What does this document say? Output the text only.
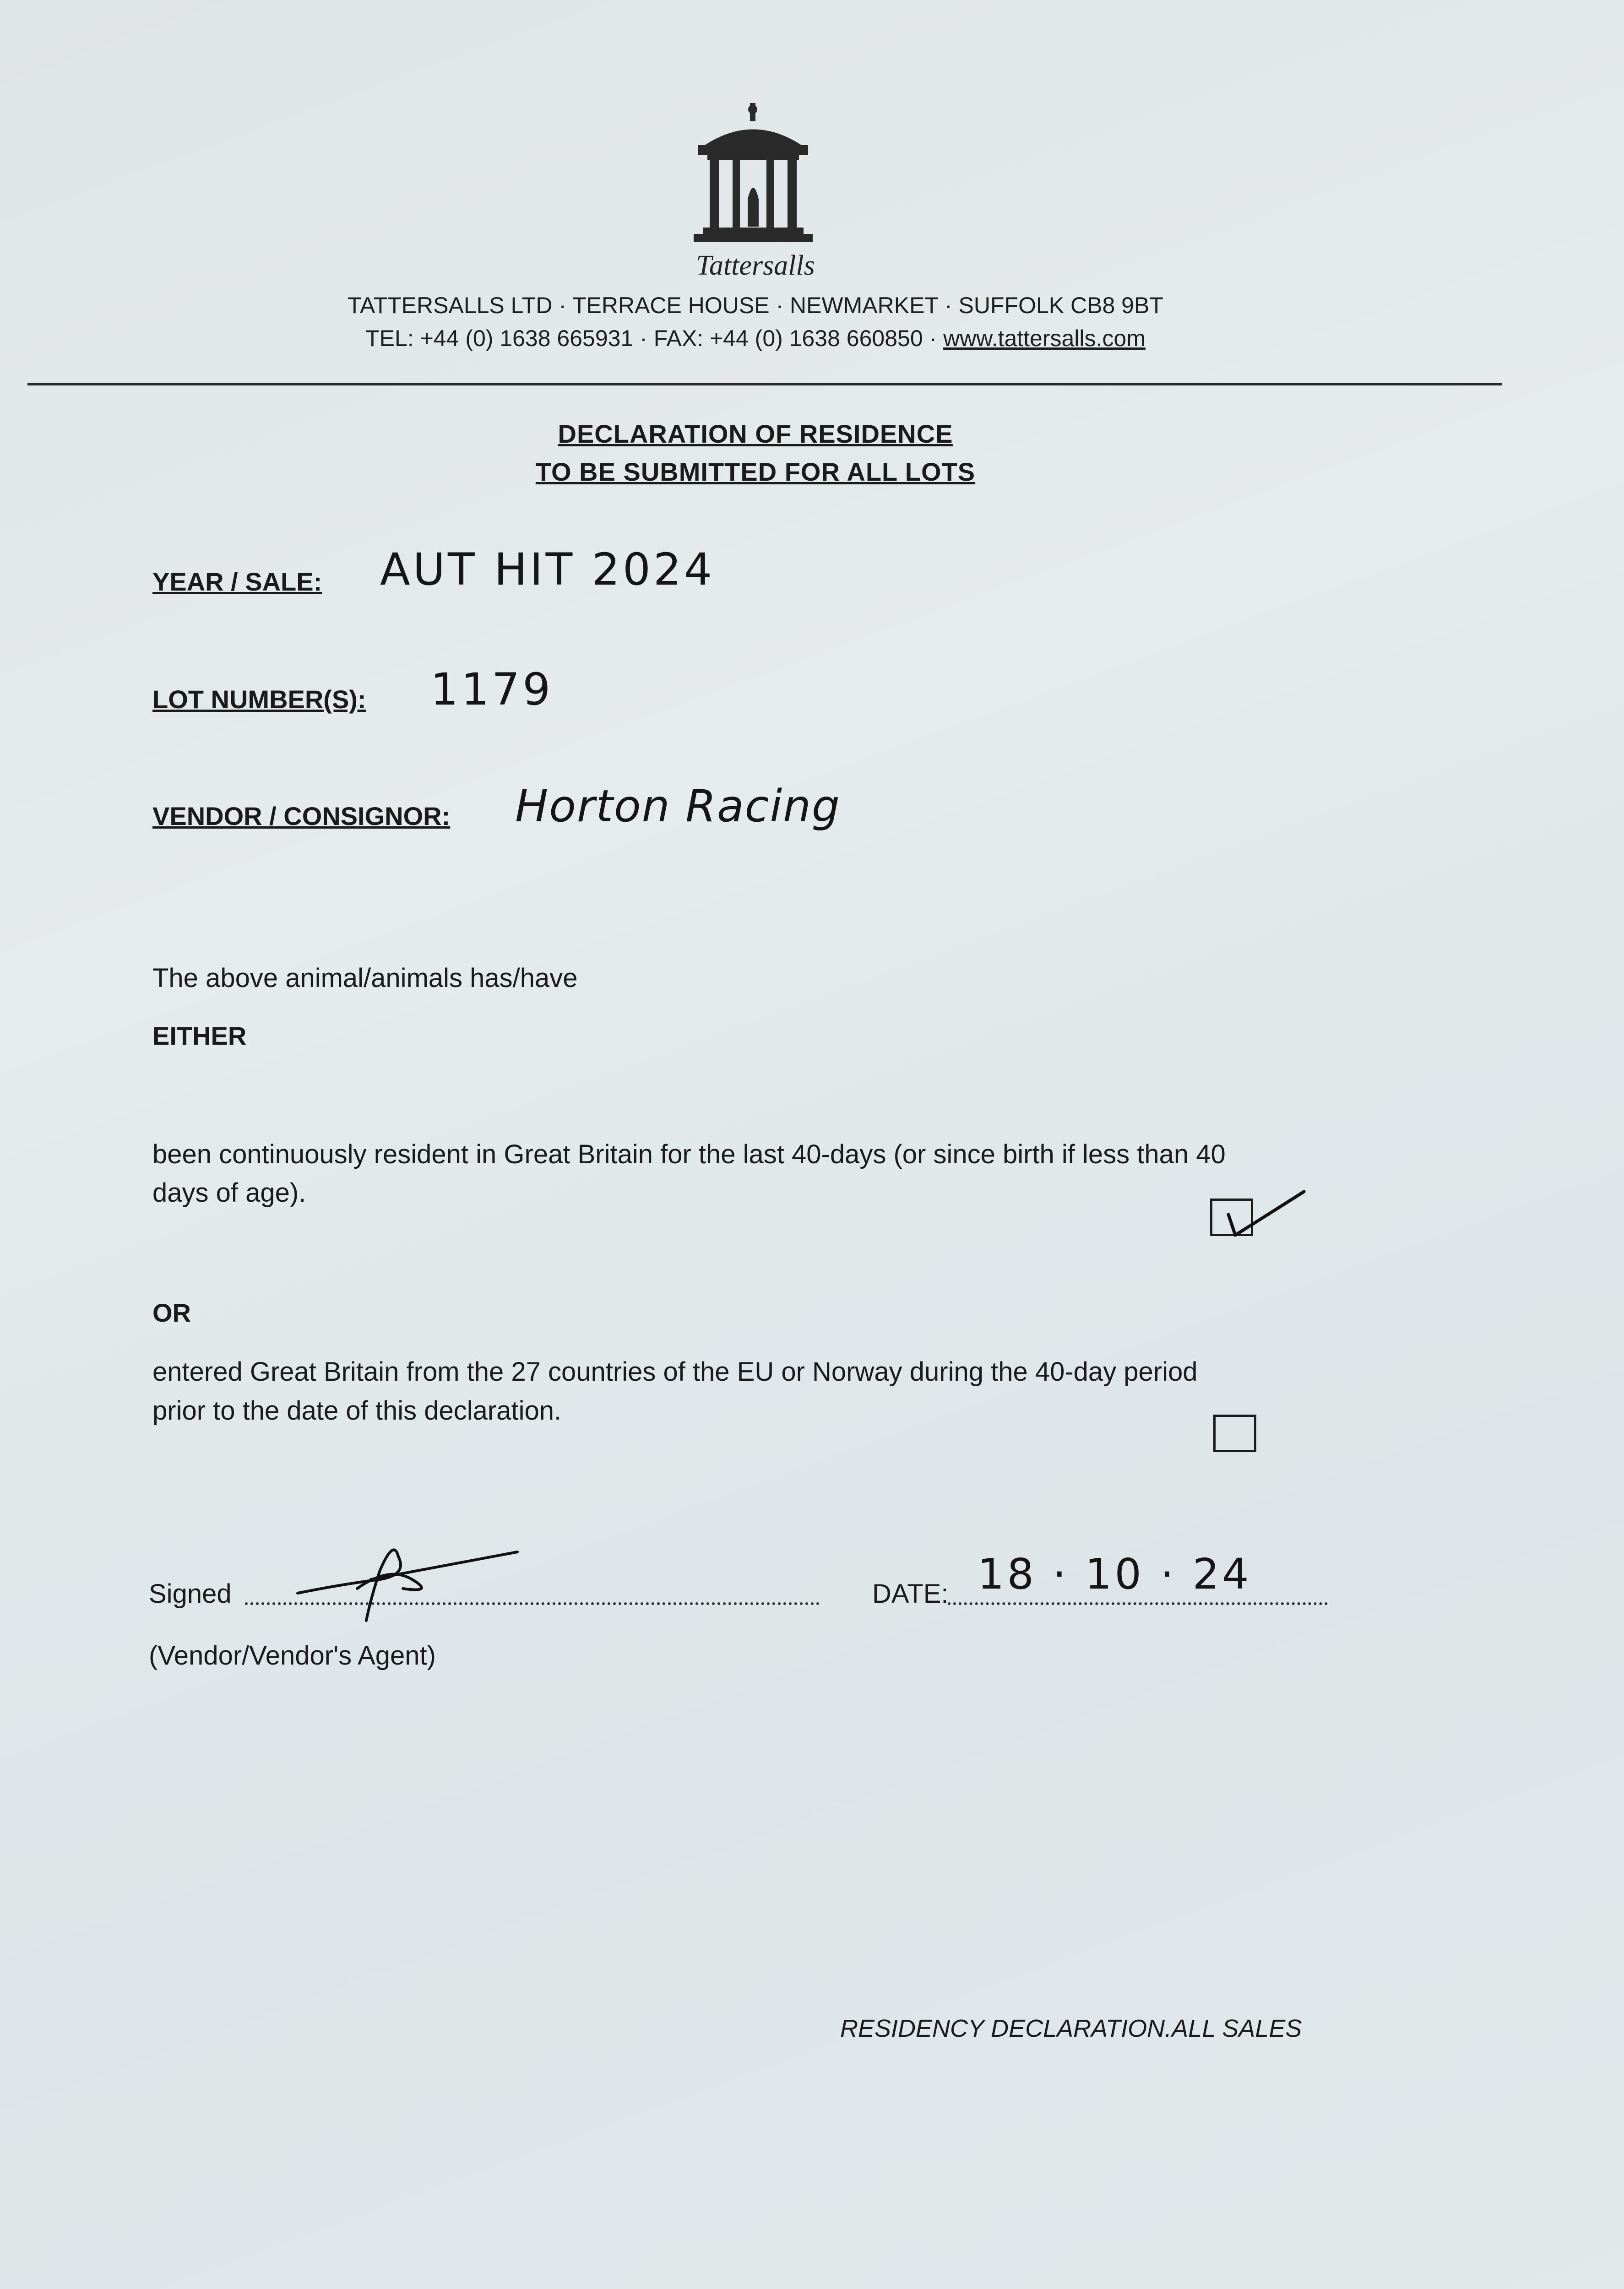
Tattersalls
TATTERSALLS LTD · TERRACE HOUSE · NEWMARKET · SUFFOLK CB8 9BT
TEL: +44 (0) 1638 665931 · FAX: +44 (0) 1638 660850 · www.tattersalls.com
DECLARATION OF RESIDENCE
TO BE SUBMITTED FOR ALL LOTS
YEAR / SALE: AUT HIT 2024
LOT NUMBER(S): 1179
VENDOR / CONSIGNOR: Horton Racing
The above animal/animals has/have
EITHER
been continuously resident in Great Britain for the last 40-days (or since birth if less than 40
days of age).
OR
entered Great Britain from the 27 countries of the EU or Norway during the 40-day period
prior to the date of this declaration.
Signed	DATE: 18 · 10 · 24
(Vendor/Vendor's Agent)
RESIDENCY DECLARATION.ALL SALES
